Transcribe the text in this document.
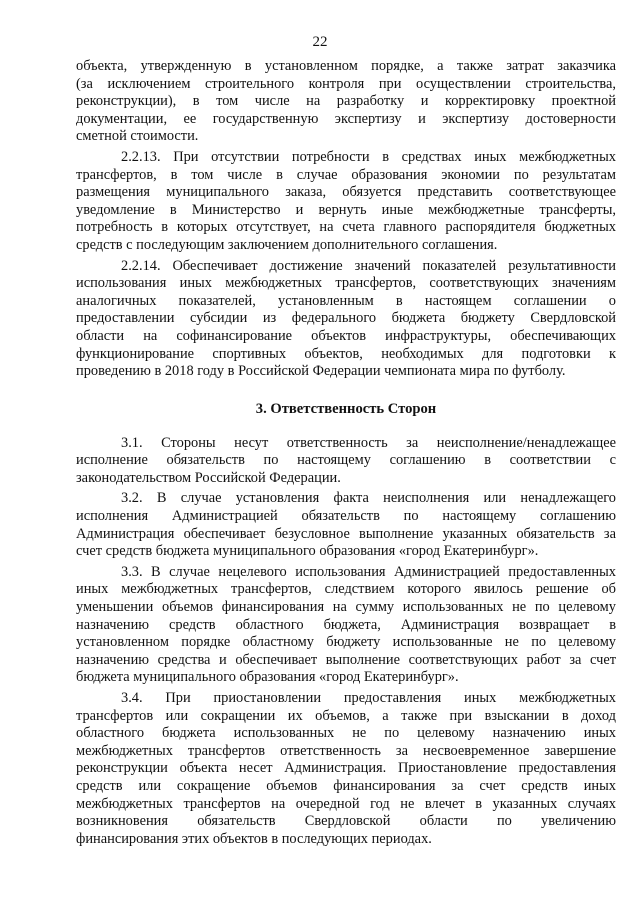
22
объекта, утвержденную в установленном порядке, а также затрат заказчика
(за исключением строительного контроля при осуществлении строительства,
реконструкции), в том числе на разработку и корректировку проектной
документации, ее государственную экспертизу и экспертизу достоверности
сметной стоимости.
2.2.13. При отсутствии потребности в средствах иных межбюджетных
трансфертов, в том числе в случае образования экономии по результатам
размещения муниципального заказа, обязуется представить соответствующее
уведомление в Министерство и вернуть иные межбюджетные трансферты,
потребность в которых отсутствует, на счета главного распорядителя бюджетных
средств с последующим заключением дополнительного соглашения.
2.2.14. Обеспечивает достижение значений показателей результативности
использования иных межбюджетных трансфертов, соответствующих значениям
аналогичных показателей, установленным в настоящем соглашении о
предоставлении субсидии из федерального бюджета бюджету Свердловской
области на софинансирование объектов инфраструктуры, обеспечивающих
функционирование спортивных объектов, необходимых для подготовки к
проведению в 2018 году в Российской Федерации чемпионата мира по футболу.
3. Ответственность Сторон
3.1. Стороны несут ответственность за неисполнение/ненадлежащее
исполнение обязательств по настоящему соглашению в соответствии с
законодательством Российской Федерации.
3.2. В случае установления факта неисполнения или ненадлежащего
исполнения Администрацией обязательств по настоящему соглашению
Администрация обеспечивает безусловное выполнение указанных обязательств за
счет средств бюджета муниципального образования «город Екатеринбург».
3.3. В случае нецелевого использования Администрацией предоставленных
иных межбюджетных трансфертов, следствием которого явилось решение об
уменьшении объемов финансирования на сумму использованных не по целевому
назначению средств областного бюджета, Администрация возвращает в
установленном порядке областному бюджету использованные не по целевому
назначению средства и обеспечивает выполнение соответствующих работ за счет
бюджета муниципального образования «город Екатеринбург».
3.4. При приостановлении предоставления иных межбюджетных
трансфертов или сокращении их объемов, а также при взыскании в доход
областного бюджета использованных не по целевому назначению иных
межбюджетных трансфертов ответственность за несвоевременное завершение
реконструкции объекта несет Администрация. Приостановление предоставления
средств или сокращение объемов финансирования за счет средств иных
межбюджетных трансфертов на очередной год не влечет в указанных случаях
возникновения обязательств Свердловской области по увеличению
финансирования этих объектов в последующих периодах.
